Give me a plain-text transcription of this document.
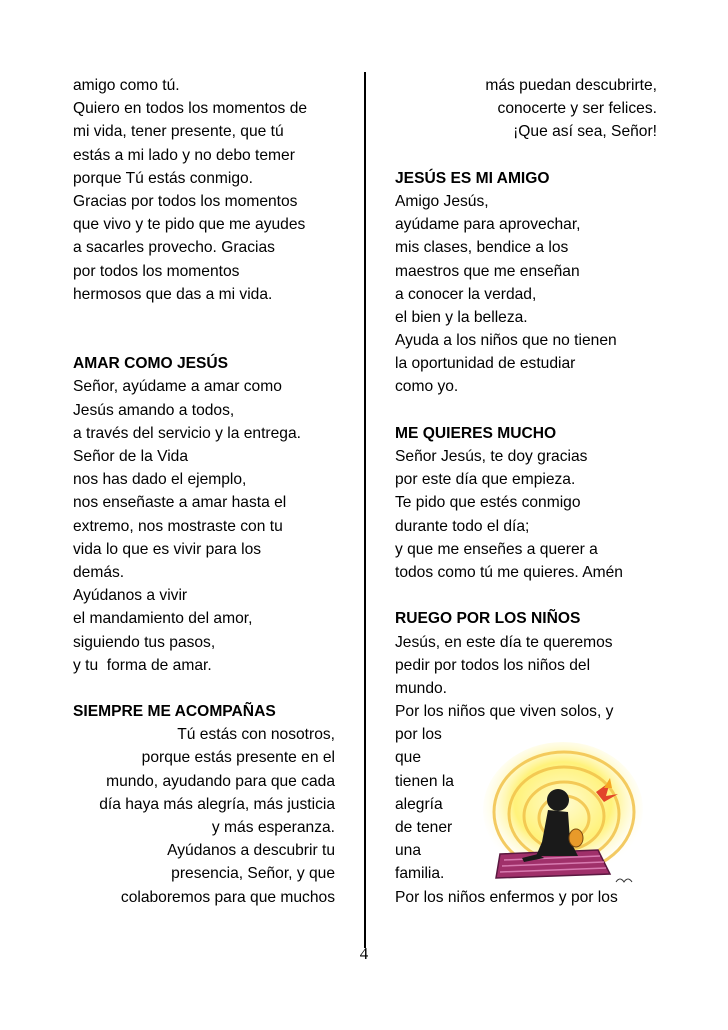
amigo como tú.
Quiero en todos los momentos de
mi vida, tener presente, que tú
estás a mi lado y no debo temer
porque Tú estás conmigo.
Gracias por todos los momentos
que vivo y te pido que me ayudes
a sacarles provecho. Gracias
por todos los momentos
hermosos que das a mi vida.
AMAR COMO JESÚS
Señor, ayúdame a amar como
Jesús amando a todos,
a través del servicio y la entrega.
Señor de la Vida
nos has dado el ejemplo,
nos enseñaste a amar hasta el
extremo, nos mostraste con tu
vida lo que es vivir para los
demás.
Ayúdanos a vivir
el mandamiento del amor,
siguiendo tus pasos,
y tu  forma de amar.
SIEMPRE ME ACOMPAÑAS
Tú estás con nosotros,
porque estás presente en el
mundo, ayudando para que cada
día haya más alegría, más justicia
y más esperanza.
Ayúdanos a descubrir tu
presencia, Señor, y que
colaboremos para que muchos
más puedan descubrirte,
conocerte y ser felices.
¡Que así sea, Señor!
JESÚS ES MI AMIGO
Amigo Jesús,
ayúdame para aprovechar,
mis clases, bendice a los
maestros que me enseñan
a conocer la verdad,
el bien y la belleza.
Ayuda a los niños que no tienen
la oportunidad de estudiar
como yo.
ME QUIERES MUCHO
Señor Jesús, te doy gracias
por este día que empieza.
Te pido que estés conmigo
durante todo el día;
y que me enseñes a querer a
todos como tú me quieres. Amén
RUEGO POR LOS NIÑOS
Jesús, en este día te queremos
pedir por todos los niños del
mundo.
Por los niños que viven solos, y
por los
que
tienen la
alegría
de tener
una
familia.
Por los niños enfermos y por los
4
